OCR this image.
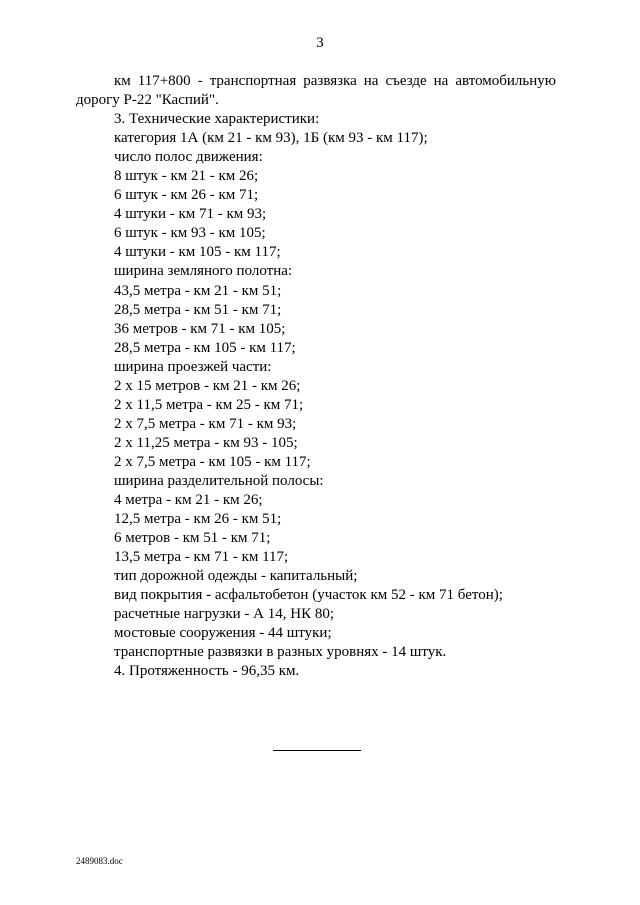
3
км 117+800 - транспортная развязка на съезде на автомобильную
дорогу Р-22 "Каспий".
3. Технические характеристики:
категория 1А (км 21 - км 93), 1Б (км 93 - км 117);
число полос движения:
8 штук - км 21 - км 26;
6 штук - км 26 - км 71;
4 штуки - км 71 - км 93;
6 штук - км 93 - км 105;
4 штуки - км 105 - км 117;
ширина земляного полотна:
43,5 метра - км 21 - км 51;
28,5 метра - км 51 - км 71;
36 метров - км 71 - км 105;
28,5 метра - км 105 - км 117;
ширина проезжей части:
2 х 15 метров - км 21 - км 26;
2 х 11,5 метра - км 25 - км 71;
2 х 7,5 метра - км 71 - км 93;
2 х 11,25 метра - км 93 - 105;
2 х 7,5 метра - км 105 - км 117;
ширина разделительной полосы:
4 метра - км 21 - км 26;
12,5 метра - км 26 - км 51;
6 метров - км 51 - км 71;
13,5 метра - км 71 - км 117;
тип дорожной одежды - капитальный;
вид покрытия - асфальтобетон (участок км 52 - км 71 бетон);
расчетные нагрузки - А 14, НК 80;
мостовые сооружения - 44 штуки;
транспортные развязки в разных уровнях - 14 штук.
4. Протяженность - 96,35 км.
2489083.doc
